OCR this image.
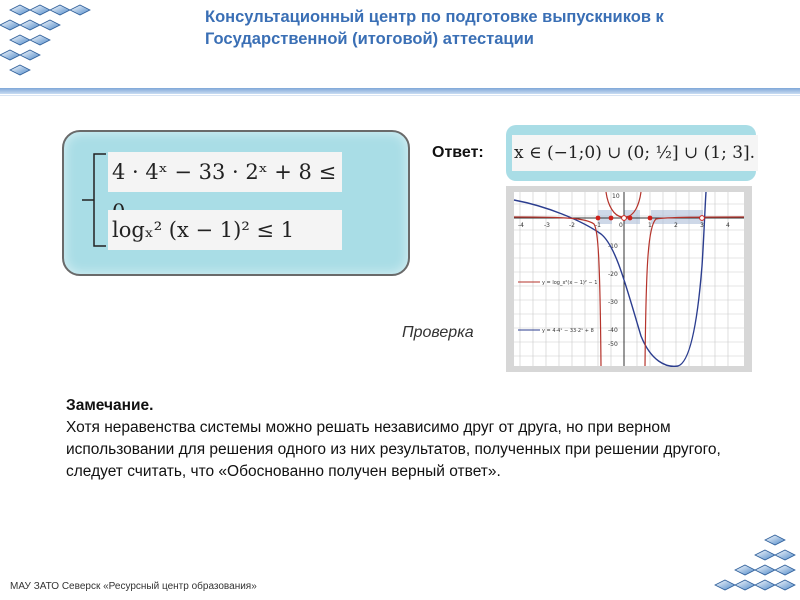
Консультационный центр по подготовке выпускников к
Государственной (итоговой) аттестации
4 · 4ˣ − 33 · 2ˣ + 8 ≤
logₓ² (x − 1)² ≤ 1
Ответ: x ∈ (−1;0) ∪ (0; ½] ∪ (1; 3].
-4	-3	-2	-1	0	1	2	3	4
10
-10
-20
-30
-40
-50
y = log_x²(x − 1)² − 1
y = 4·4ˣ − 33·2ˣ + 8
Проверка
Замечание.
Хотя неравенства системы можно решать независимо друг от друга, но при верном использовании для решения одного из них результатов, полученных при решении другого, следует считать, что «Обоснованно получен верный ответ».
МАУ ЗАТО Северск «Ресурсный центр образования»
